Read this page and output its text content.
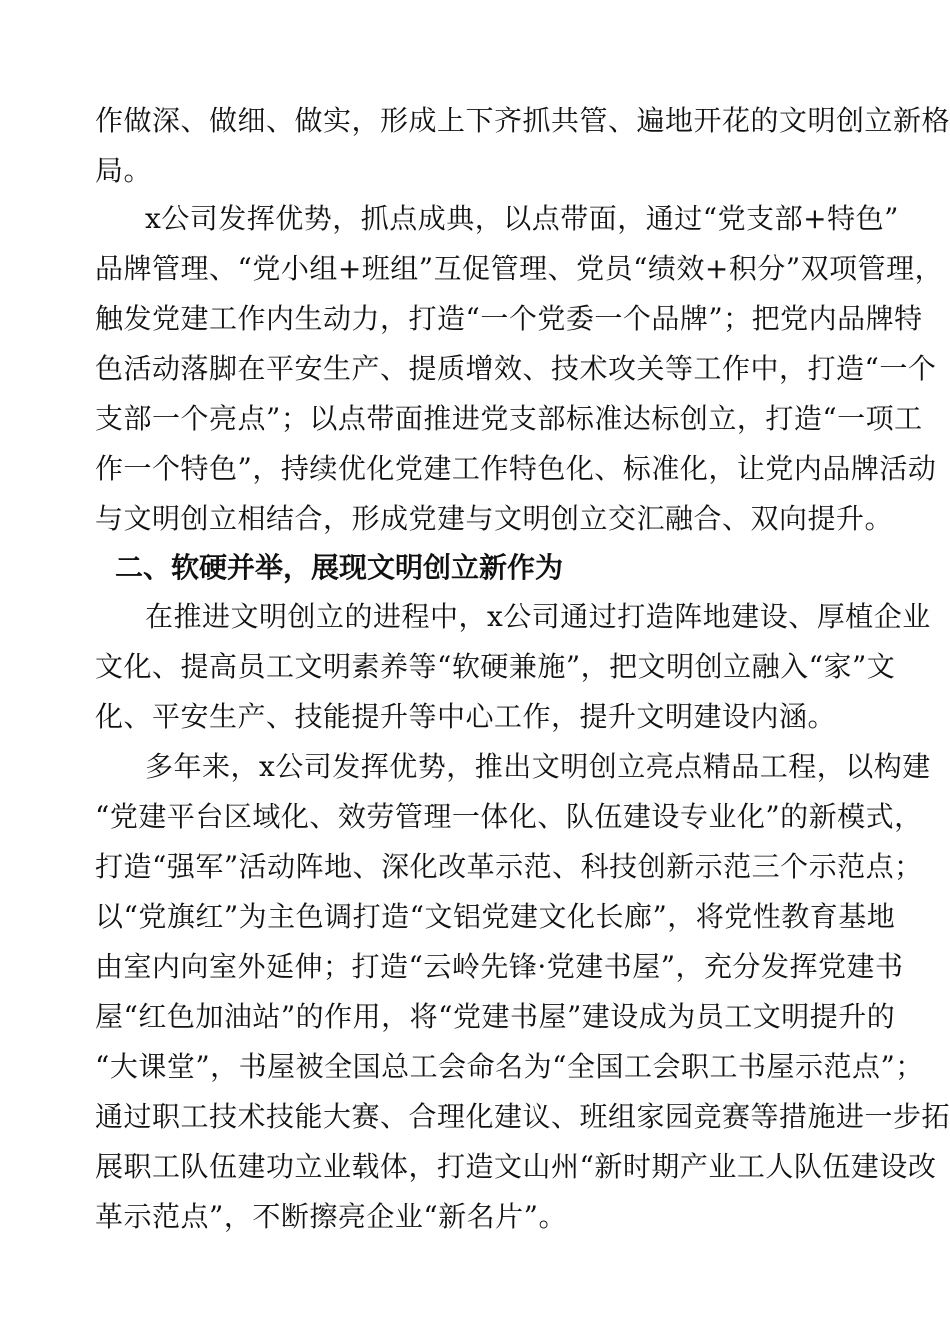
作做深、做细、做实，形成上下齐抓共管、遍地开花的文明创立新格
局。
x公司发挥优势，抓点成典，以点带面，通过“党支部+特色”
品牌管理、“党小组+班组”互促管理、党员“绩效+积分”双项管理，
触发党建工作内生动力，打造“一个党委一个品牌”；把党内品牌特
色活动落脚在平安生产、提质增效、技术攻关等工作中，打造“一个
支部一个亮点”；以点带面推进党支部标准达标创立，打造“一项工
作一个特色”，持续优化党建工作特色化、标准化，让党内品牌活动
与文明创立相结合，形成党建与文明创立交汇融合、双向提升。
二、软硬并举，展现文明创立新作为
在推进文明创立的进程中，x公司通过打造阵地建设、厚植企业
文化、提高员工文明素养等“软硬兼施”，把文明创立融入“家”文
化、平安生产、技能提升等中心工作，提升文明建设内涵。
多年来，x公司发挥优势，推出文明创立亮点精品工程，以构建
“党建平台区域化、效劳管理一体化、队伍建设专业化”的新模式，
打造“强军”活动阵地、深化改革示范、科技创新示范三个示范点；
以“党旗红”为主色调打造“文铝党建文化长廊”，将党性教育基地
由室内向室外延伸；打造“云岭先锋·党建书屋”，充分发挥党建书
屋“红色加油站”的作用，将“党建书屋”建设成为员工文明提升的
“大课堂”，书屋被全国总工会命名为“全国工会职工书屋示范点”；
通过职工技术技能大赛、合理化建议、班组家园竞赛等措施进一步拓
展职工队伍建功立业载体，打造文山州“新时期产业工人队伍建设改
革示范点”，不断擦亮企业“新名片”。
